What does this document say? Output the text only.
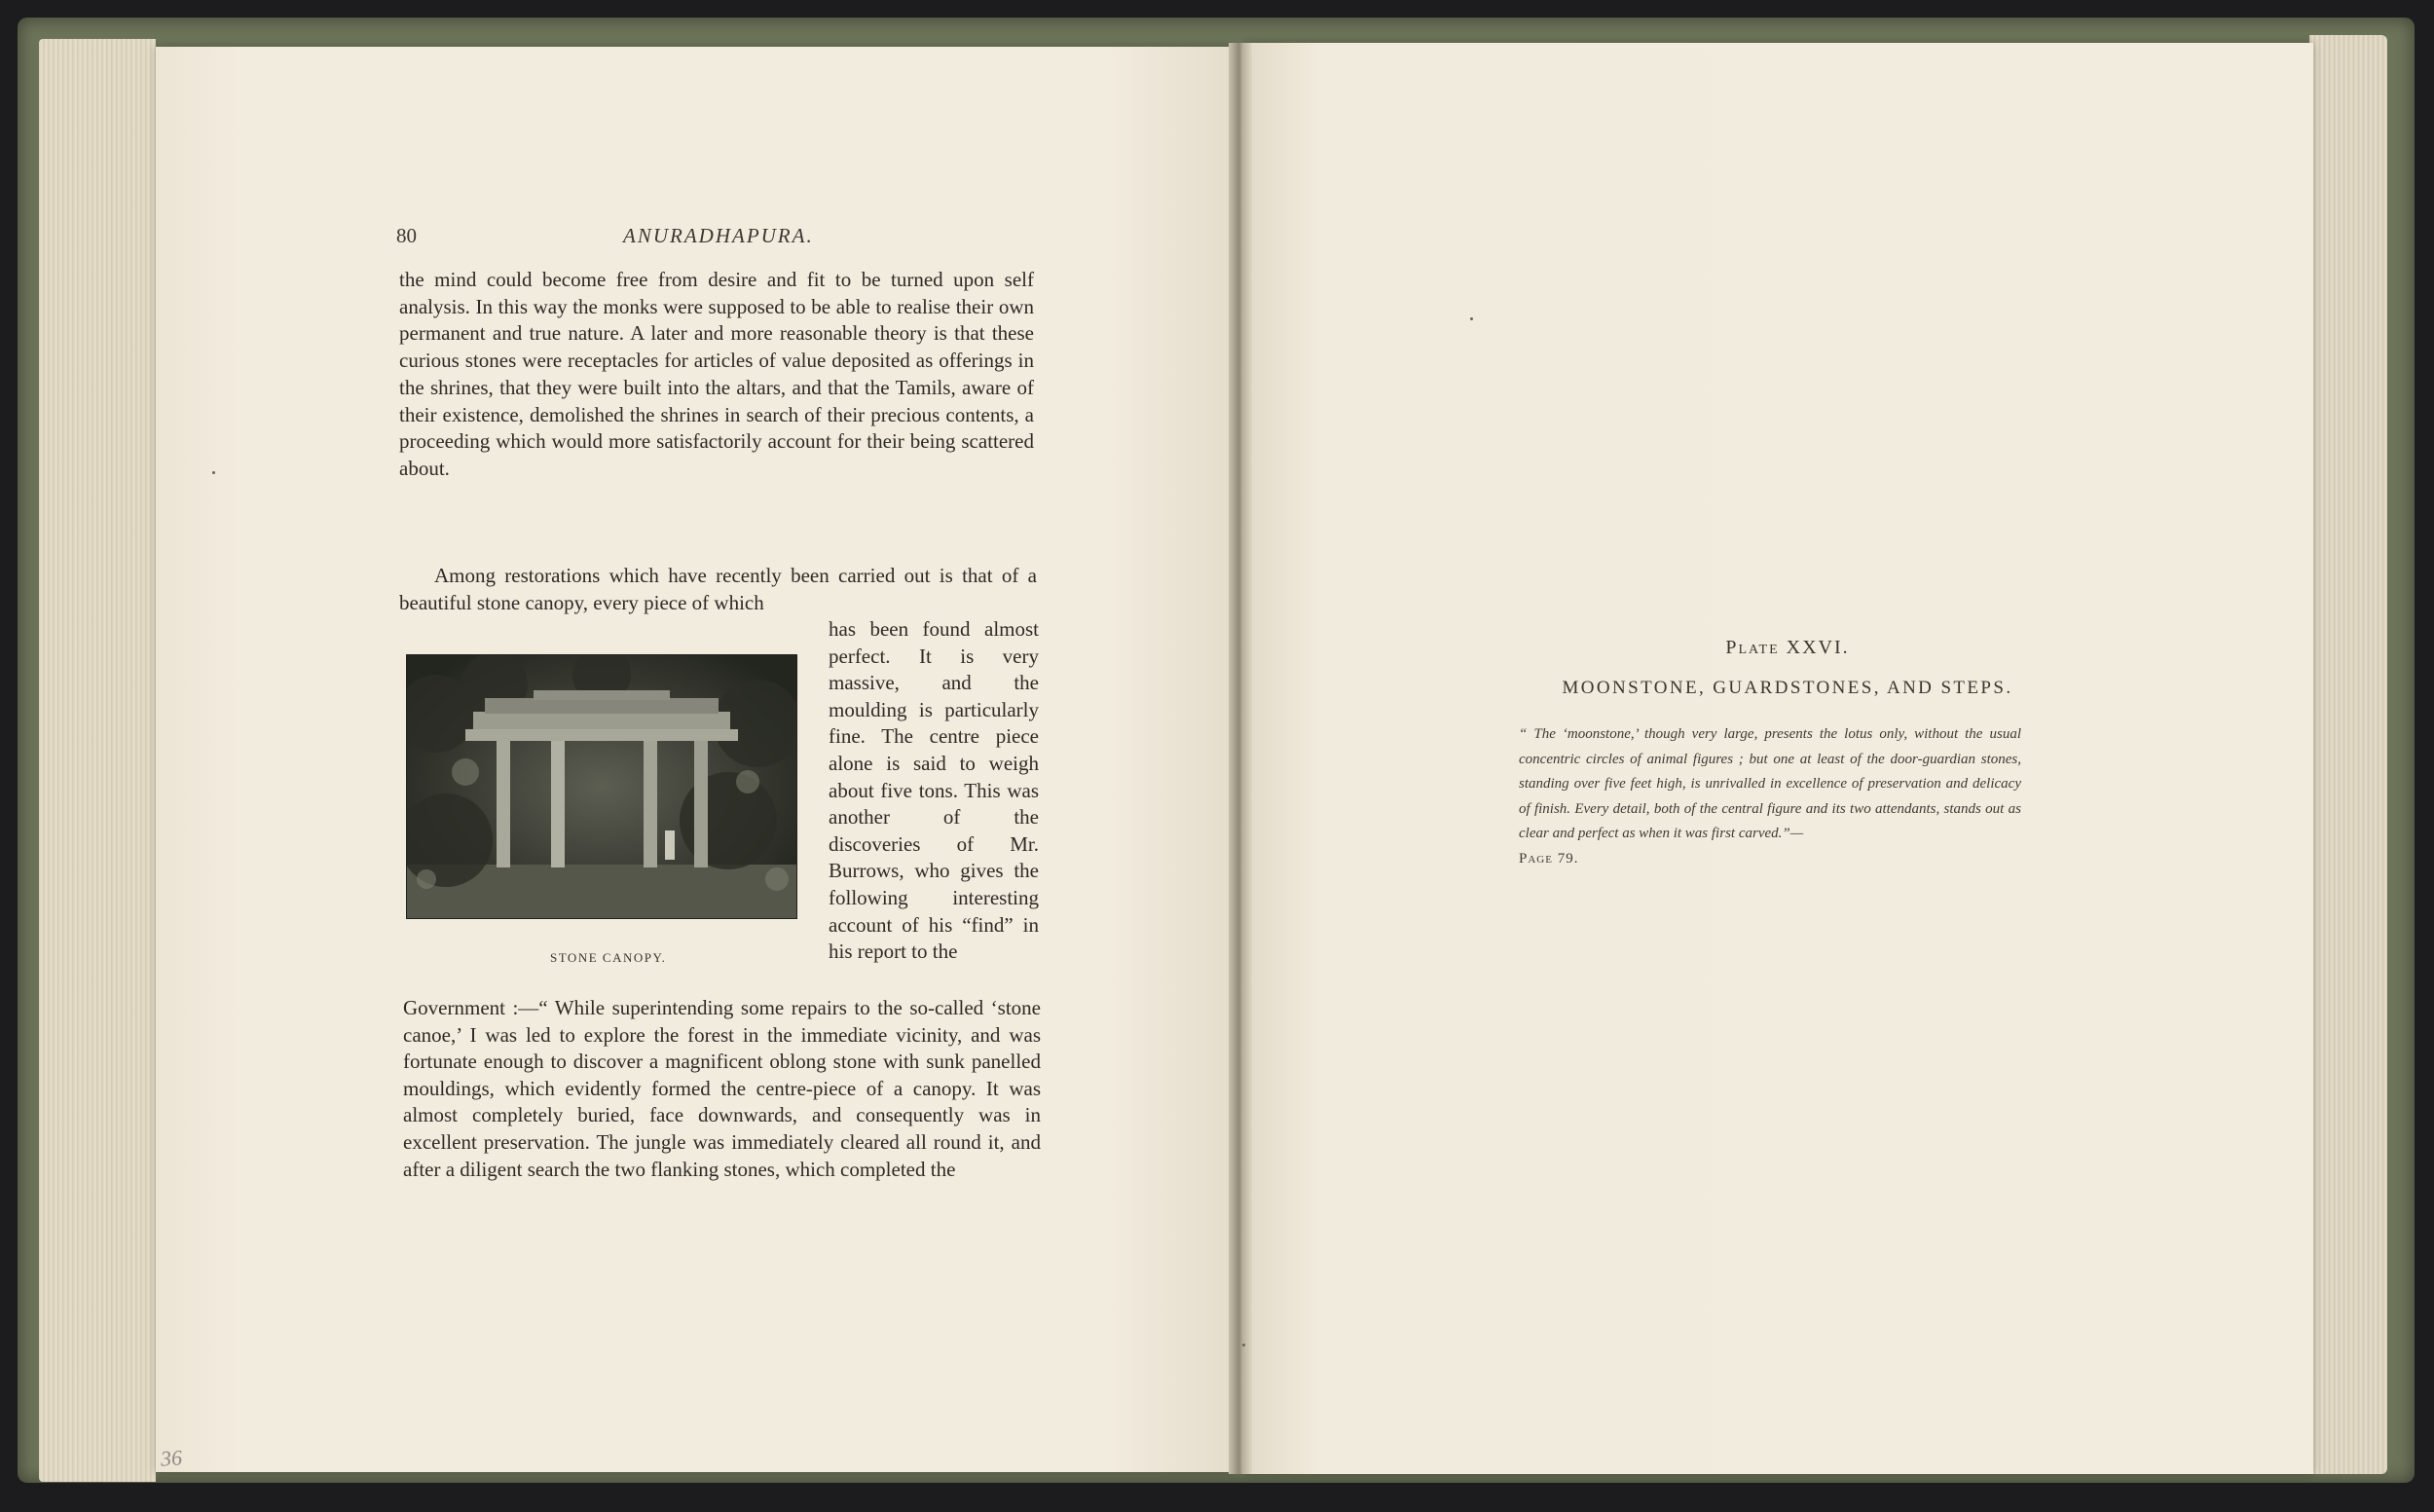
80	ANURADHAPURA.
the mind could become free from desire and fit to be turned upon self analysis. In this way the monks were supposed to be able to realise their own permanent and true nature. A later and more reasonable theory is that these curious stones were receptacles for articles of value deposited as offerings in the shrines, that they were built into the altars, and that the Tamils, aware of their existence, demolished the shrines in search of their precious contents, a proceeding which would more satisfactorily account for their being scattered about.
Among restorations which have recently been carried out is that of a beautiful stone canopy, every piece of which
STONE CANOPY.
has been found almost perfect. It is very massive, and the moulding is particularly fine. The centre piece alone is said to weigh about five tons. This was another of the discoveries of Mr. Burrows, who gives the following interesting account of his “find” in his report to the
Government :—“ While superintending some repairs to the so-called ‘stone canoe,’ I was led to explore the forest in the immediate vicinity, and was fortunate enough to discover a magnificent oblong stone with sunk panelled mouldings, which evidently formed the centre-piece of a canopy. It was almost completely buried, face downwards, and consequently was in excellent preservation. The jungle was immediately cleared all round it, and after a diligent search the two flanking stones, which completed the
36
Plate XXVI.
MOONSTONE, GUARDSTONES, AND STEPS.
“ The ‘moonstone,’ though very large, presents the lotus only, without the usual concentric circles of animal figures ; but one at least of the door-guardian stones, standing over five feet high, is unrivalled in excellence of preservation and delicacy of finish. Every detail, both of the central figure and its two attendants, stands out as clear and perfect as when it was first carved.”—
Page 79.
